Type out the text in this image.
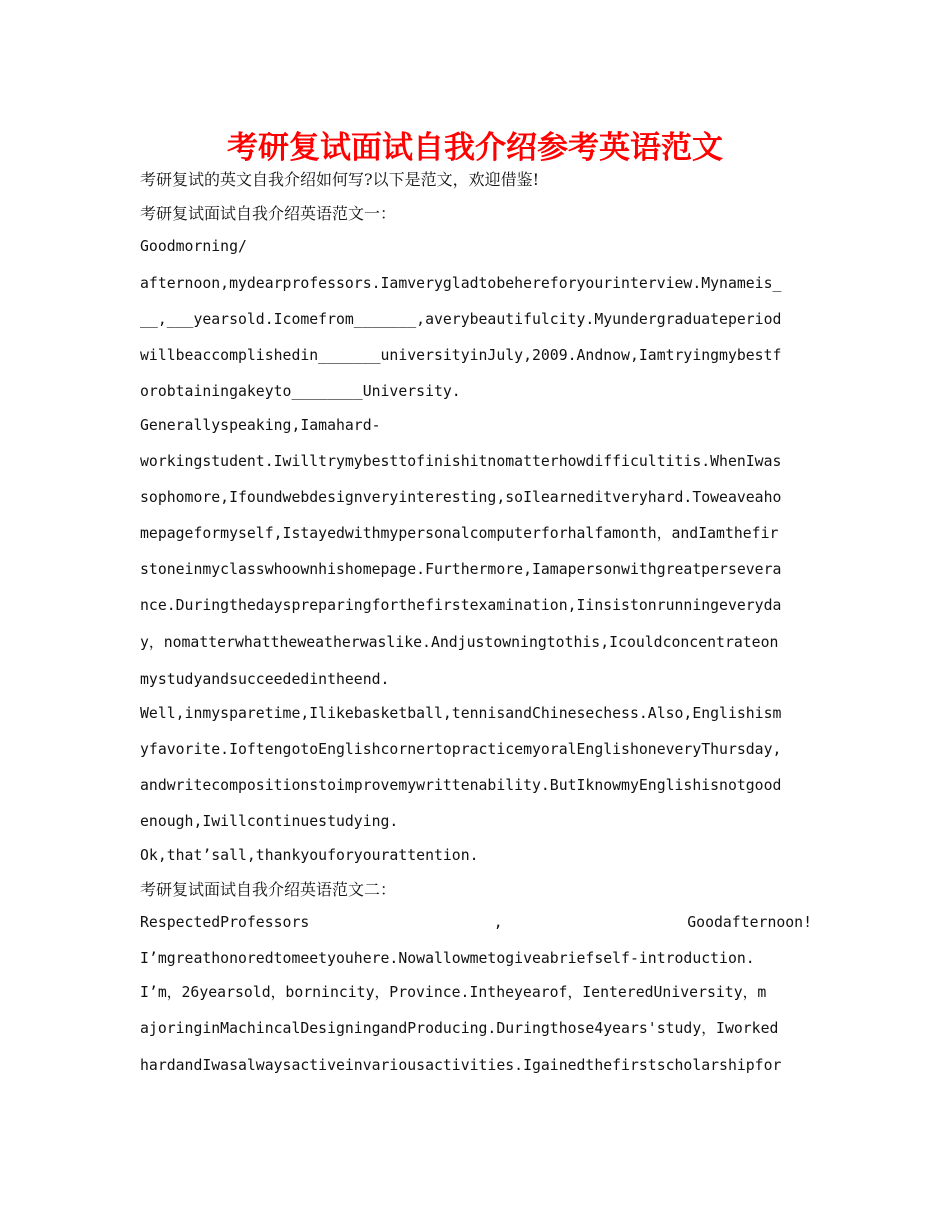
考研复试面试自我介绍参考英语范文
考研复试的英文自我介绍如何写?以下是范文，欢迎借鉴!
考研复试面试自我介绍英语范文一：
Goodmorning/
afternoon,mydearprofessors.Iamverygladtobehereforyourinterview.Mynameis_
__,___yearsold.Icomefrom_______,averybeautifulcity.Myundergraduateperiod
willbeaccomplishedin_______universityinJuly,2009.Andnow,Iamtryingmybestf
orobtainingakeyto________University.
Generallyspeaking,Iamahard-
workingstudent.Iwilltrymybesttofinishitnomatterhowdifficultitis.WhenIwas
sophomore,Ifoundwebdesignveryinteresting,soIlearneditveryhard.Toweaveaho
mepageformyself,Istayedwithmypersonalcomputerforhalfamonth，andIamthefir
stoneinmyclasswhoownhishomepage.Furthermore,Iamapersonwithgreatpersevera
nce.Duringthedayspreparingforthefirstexamination,Iinsistonrunningeveryda
y，nomatterwhattheweatherwaslike.Andjustowningtothis,Icouldconcentrateon
mystudyandsucceededintheend.
Well,inmysparetime,Ilikebasketball,tennisandChinesechess.Also,Englishism
yfavorite.IoftengotoEnglishcornertopracticemyoralEnglishoneveryThursday,
andwritecompositionstoimprovemywrittenability.ButIknowmyEnglishisnotgood
enough,Iwillcontinuestudying.
Ok,that’sall,thankyouforyourattention.
考研复试面试自我介绍英语范文二：
RespectedProfessors , Goodafternoon!
I’mgreathonoredtomeetyouhere.Nowallowmetogiveabriefself-introduction.
I’m，26yearsold，bornincity，Province.Intheyearof，IenteredUniversity，m
ajoringinMachincalDesigningandProducing.Duringthose4years'study，Iworked
hardandIwasalwaysactiveinvariousactivities.Igainedthefirstscholarshipfor
